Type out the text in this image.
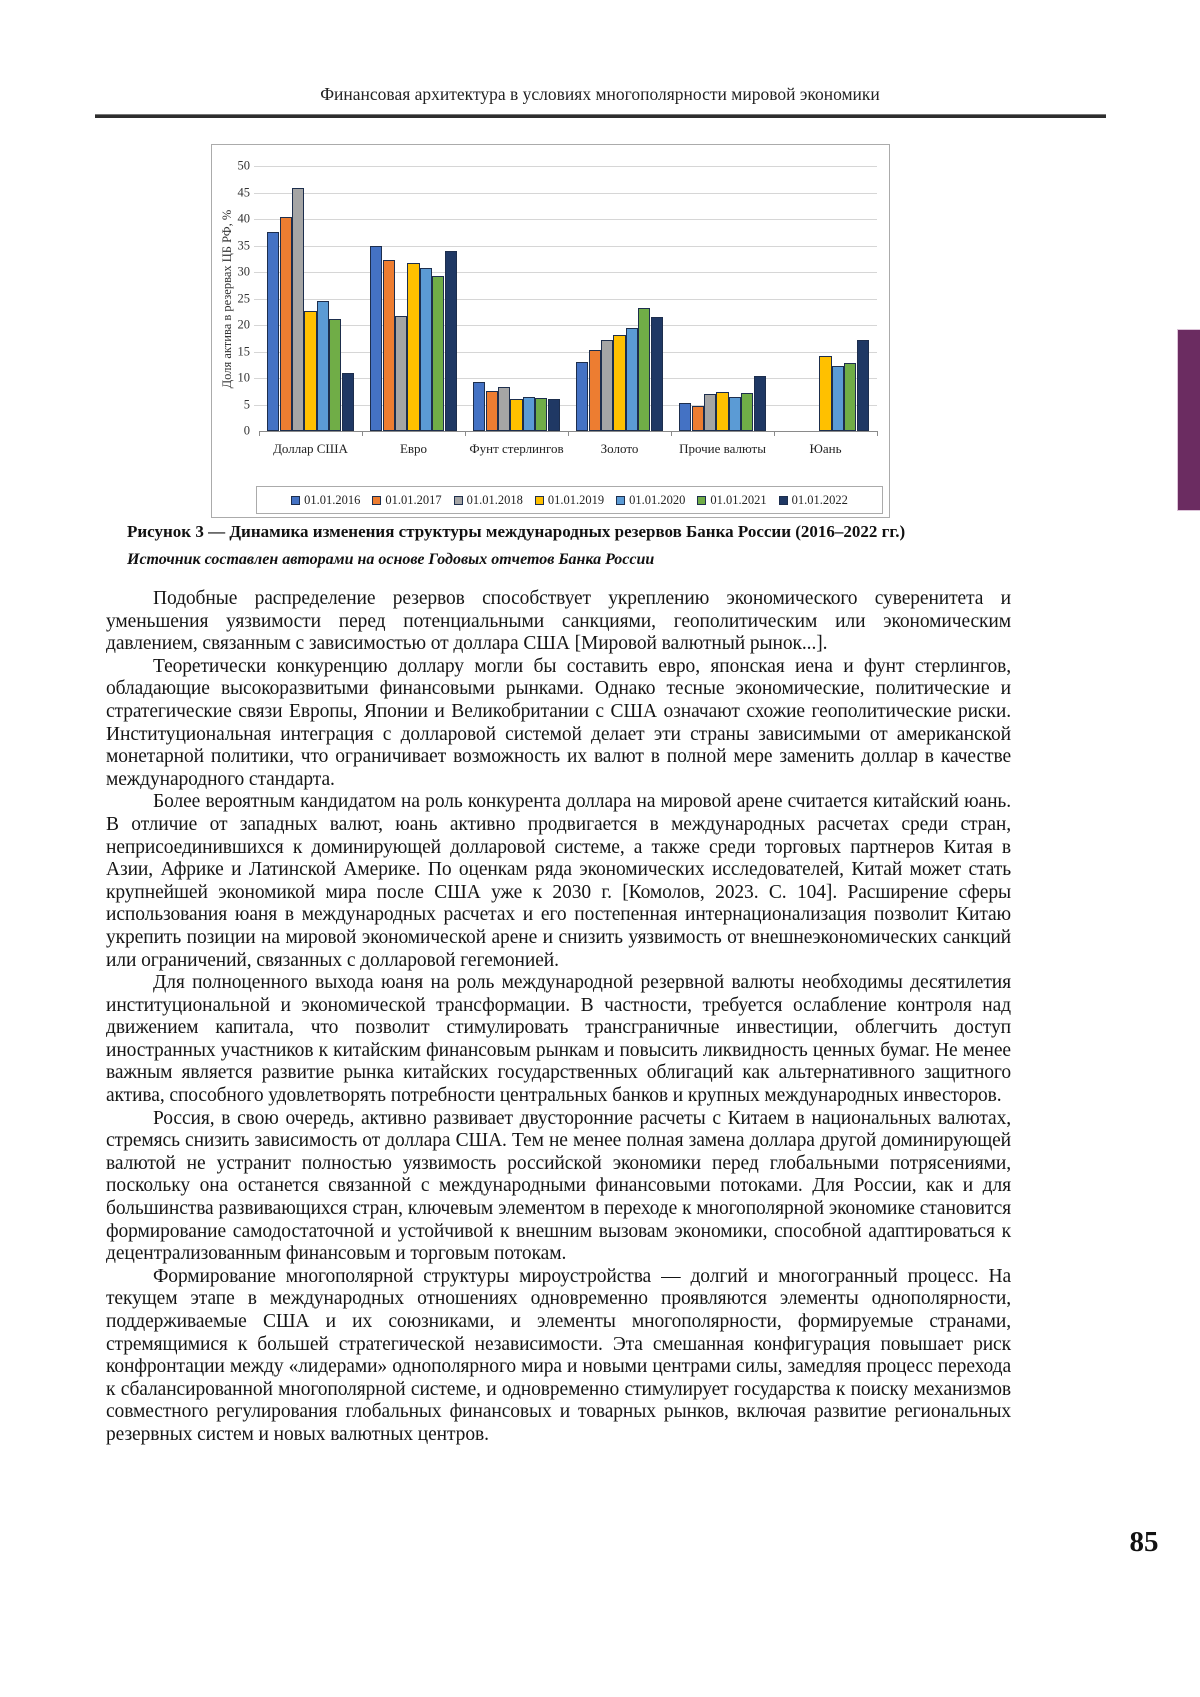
Финансовая архитектура в условиях многополярности мировой экономики
Доля актива в резервах ЦБ РФ, %
0
5
10
15
20
25
30
35
40
45
50
Доллар США	Евро	Фунт стерлингов	Золото	Прочие валюты	Юань
01.01.2016 01.01.2017 01.01.2018 01.01.2019 01.01.2020 01.01.2021 01.01.2022
Рисунок 3 — Динамика изменения структуры международных резервов Банка России (2016–2022 гг.)
Источник составлен авторами на основе Годовых отчетов Банка России

Подобные распределение резервов способствует укреплению экономического суверенитета и уменьшения уязвимости перед потенциальными санкциями, геополитическим или экономическим давлением, связанным с зависимостью от доллара США [Мировой валютный рынок...].

Теоретически конкуренцию доллару могли бы составить евро, японская иена и фунт стерлингов, обладающие высокоразвитыми финансовыми рынками. Однако тесные экономические, политические и стратегические связи Европы, Японии и Великобритании с США означают схожие геополитические риски. Институциональная интеграция с долларовой системой делает эти страны зависимыми от американской монетарной политики, что ограничивает возможность их валют в полной мере заменить доллар в качестве международного стандарта.

Более вероятным кандидатом на роль конкурента доллара на мировой арене считается китайский юань. В отличие от западных валют, юань активно продвигается в международных расчетах среди стран, неприсоединившихся к доминирующей долларовой системе, а также среди торговых партнеров Китая в Азии, Африке и Латинской Америке. По оценкам ряда экономических исследователей, Китай может стать крупнейшей экономикой мира после США уже к 2030 г. [Комолов, 2023. С. 104]. Расширение сферы использования юаня в международных расчетах и его постепенная интернационализация позволит Китаю укрепить позиции на мировой экономической арене и снизить уязвимость от внешнеэкономических санкций или ограничений, связанных с долларовой гегемонией.

Для полноценного выхода юаня на роль международной резервной валюты необходимы десятилетия институциональной и экономической трансформации. В частности, требуется ослабление контроля над движением капитала, что позволит стимулировать трансграничные инвестиции, облегчить доступ иностранных участников к китайским финансовым рынкам и повысить ликвидность ценных бумаг. Не менее важным является развитие рынка китайских государственных облигаций как альтернативного защитного актива, способного удовлетворять потребности центральных банков и крупных международных инвесторов.

Россия, в свою очередь, активно развивает двусторонние расчеты с Китаем в национальных валютах, стремясь снизить зависимость от доллара США. Тем не менее полная замена доллара другой доминирующей валютой не устранит полностью уязвимость российской экономики перед глобальными потрясениями, поскольку она останется связанной с международными финансовыми потоками. Для России, как и для большинства развивающихся стран, ключевым элементом в переходе к многополярной экономике становится формирование самодостаточной и устойчивой к внешним вызовам экономики, способной адаптироваться к децентрализованным финансовым и торговым потокам.

Формирование многополярной структуры мироустройства — долгий и многогранный процесс. На текущем этапе в международных отношениях одновременно проявляются элементы однополярности, поддерживаемые США и их союзниками, и элементы многополярности, формируемые странами, стремящимися к большей стратегической независимости. Эта смешанная конфигурация повышает риск конфронтации между «лидерами» однополярного мира и новыми центрами силы, замедляя процесс перехода к сбалансированной многополярной системе, и одновременно стимулирует государства к поиску механизмов совместного регулирования глобальных финансовых и товарных рынков, включая развитие региональных резервных систем и новых валютных центров.

85
